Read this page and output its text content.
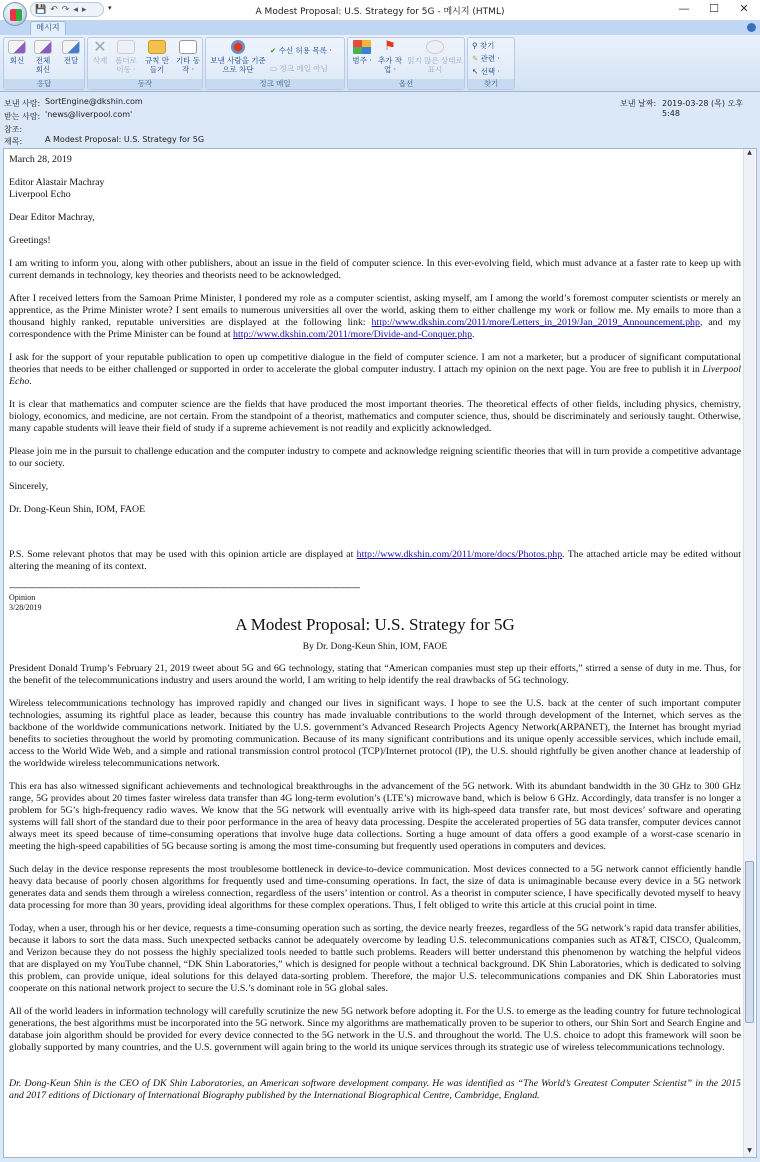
💾 ↶ ↷ ◂ ▸	▾	A Modest Proposal: U.S. Strategy for 5G - 메시지 (HTML)	—	☐	✕
메시지
회신	전체 회신
전달
응답
✕
삭제	폴더로 이동 ·
규칙 만들기
기타 동작 ·
동작
보낸 사람을 기준으로 차단
✔ 수신 허용 목록 ·
▭ 정크 메일 아님
정크 메일
범주 ·
⚑
추가 작업 ·
읽지 않은 상태로 표시
옵션
⚲ 찾기
✎ 관련 ·
↖ 선택 ·
찾기
보낸 사람: SortEngine@dkshin.com
받는 사람: 'news@liverpool.com'
참조:
제목:	A Modest Proposal: U.S. Strategy for 5G
보낸 날짜: 2019-03-28 (목) 오후 5:48

March 28, 2019

Editor Alastair Machray
Liverpool Echo

Dear Editor Machray,

Greetings!

I am writing to inform you, along with other publishers, about an issue in the field of computer science. In this ever-evolving field, which must advance at a faster rate to keep up with current demands in technology, key theories and theorists need to be acknowledged.

After I received letters from the Samoan Prime Minister, I pondered my role as a computer scientist, asking myself, am I among the world’s foremost computer scientists or merely an apprentice, as the Prime Minister wrote? I sent emails to numerous universities all over the world, asking them to either challenge my work or follow me. My emails to more than a thousand highly ranked, reputable universities are displayed at the following link: http://www.dkshin.com/2011/more/Letters_in_2019/Jan_2019_Announcement.php, and my correspondence with the Prime Minister can be found at http://www.dkshin.com/2011/more/Divide-and-Conquer.php.

I ask for the support of your reputable publication to open up competitive dialogue in the field of computer science. I am not a marketer, but a producer of significant computational theories that needs to be either challenged or supported in order to accelerate the global computer industry. I attach my opinion on the next page. You are free to publish it in Liverpool Echo.

It is clear that mathematics and computer science are the fields that have produced the most important theories. The theoretical effects of other fields, including physics, chemistry, biology, economics, and medicine, are not certain. From the standpoint of a theorist, mathematics and computer science, thus, should be discriminately and seriously taught. Otherwise, many capable students will leave their field of study if a supreme achievement is not readily and explicitly acknowledged.

Please join me in the pursuit to challenge education and the computer industry to compete and acknowledge reigning scientific theories that will in turn provide a competitive advantage to our society.

Sincerely,

Dr. Dong-Keun Shin, IOM, FAOE

P.S. Some relevant photos that may be used with this opinion article are displayed at http://www.dkshin.com/2011/more/docs/Photos.php. The attached article may be edited without altering the meaning of its context.

------------------------------------------------------------------------------------------------------------------------------------------------------------------
Opinion
3/28/2019
A Modest Proposal: U.S. Strategy for 5G
By Dr. Dong-Keun Shin, IOM, FAOE

President Donald Trump’s February 21, 2019 tweet about 5G and 6G technology, stating that “American companies must step up their efforts,” stirred a sense of duty in me. Thus, for the benefit of the telecommunications industry and users around the world, I am writing to help identify the real drawbacks of 5G technology.

Wireless telecommunications technology has improved rapidly and changed our lives in significant ways. I hope to see the U.S. back at the center of such important computer technologies, assuming its rightful place as leader, because this country has made invaluable contributions to the world through development of the Internet, which serves as the backbone of the worldwide communications network. Initiated by the U.S. government’s Advanced Research Projects Agency Network(ARPANET), the Internet has brought myriad benefits to societies throughout the world by promoting communication. Because of its many significant contributions and its unique openly accessible services, which include email, access to the World Wide Web, and a simple and rational transmission control protocol (TCP)/Internet protocol (IP), the U.S. should rightfully be given another chance at leadership of the worldwide wireless telecommunications network.

This era has also witnessed significant achievements and technological breakthroughs in the advancement of the 5G network. With its abundant bandwidth in the 30 GHz to 300 GHz range, 5G provides about 20 times faster wireless data transfer than 4G long-term evolution’s (LTE’s) microwave band, which is below 6 GHz. Accordingly, data transfer is no longer a problem for 5G’s high-frequency radio waves. We know that the 5G network will eventually arrive with its high-speed data transfer rate, but most devices’ software and operating systems will fall short of the standard due to their poor performance in the area of heavy data processing. Despite the accelerated properties of 5G data transfer, computer devices cannot always meet its speed because of time-consuming operations that involve huge data collections. Sorting a huge amount of data offers a good example of a worst-case scenario in meeting the high-speed capabilities of 5G because sorting is among the most time-consuming but frequently used operations in computers and devices.

Such delay in the device response represents the most troublesome bottleneck in device-to-device communication. Most devices connected to a 5G network cannot efficiently handle heavy data because of poorly chosen algorithms for frequently used and time-consuming operations. In fact, the size of data is unimaginable because every device in a 5G network generates data and sends them through a wireless connection, regardless of the users’ intention or control. As a theorist in computer science, I have specifically devoted myself to heavy data processing for more than 30 years, providing ideal algorithms for these complex operations. Thus, I felt obliged to write this article at this crucial point in time.

Today, when a user, through his or her device, requests a time-consuming operation such as sorting, the device nearly freezes, regardless of the 5G network’s rapid data transfer abilities, because it labors to sort the data mass. Such unexpected setbacks cannot be adequately overcome by leading U.S. telecommunications companies such as AT&T, CISCO, Qualcomm, and Verizon because they do not possess the highly specialized tools needed to battle such problems. Readers will better understand this phenomenon by watching the helpful videos that are displayed on my YouTube channel, “DK Shin Laboratories,” which is designed for people without a technical background. DK Shin Laboratories, which is dedicated to solving this problem, can provide unique, ideal solutions for this delayed data-sorting problem. Therefore, the major U.S. telecommunications companies and DK Shin Laboratories must cooperate on this national network project to secure the U.S.’s dominant role in 5G global sales.

All of the world leaders in information technology will carefully scrutinize the new 5G network before adopting it. For the U.S. to emerge as the leading country for future technological generations, the best algorithms must be incorporated into the 5G network. Since my algorithms are mathematically proven to be superior to others, our Shin Sort and Search Engine and database join algorithm should be provided for every device connected to the 5G network in the U.S. and throughout the world. The U.S. choice to adopt this framework will soon be globally supported by many countries, and the U.S. government will again bring to the world its unique services through its strategic use of wireless telecommunications technology.

Dr. Dong-Keun Shin is the CEO of DK Shin Laboratories, an American software development company. He was identified as “The World’s Greatest Computer Scientist” in the 2015 and 2017 editions of Dictionary of International Biography published by the International Biographical Centre, Cambridge, England.

▲
▼
